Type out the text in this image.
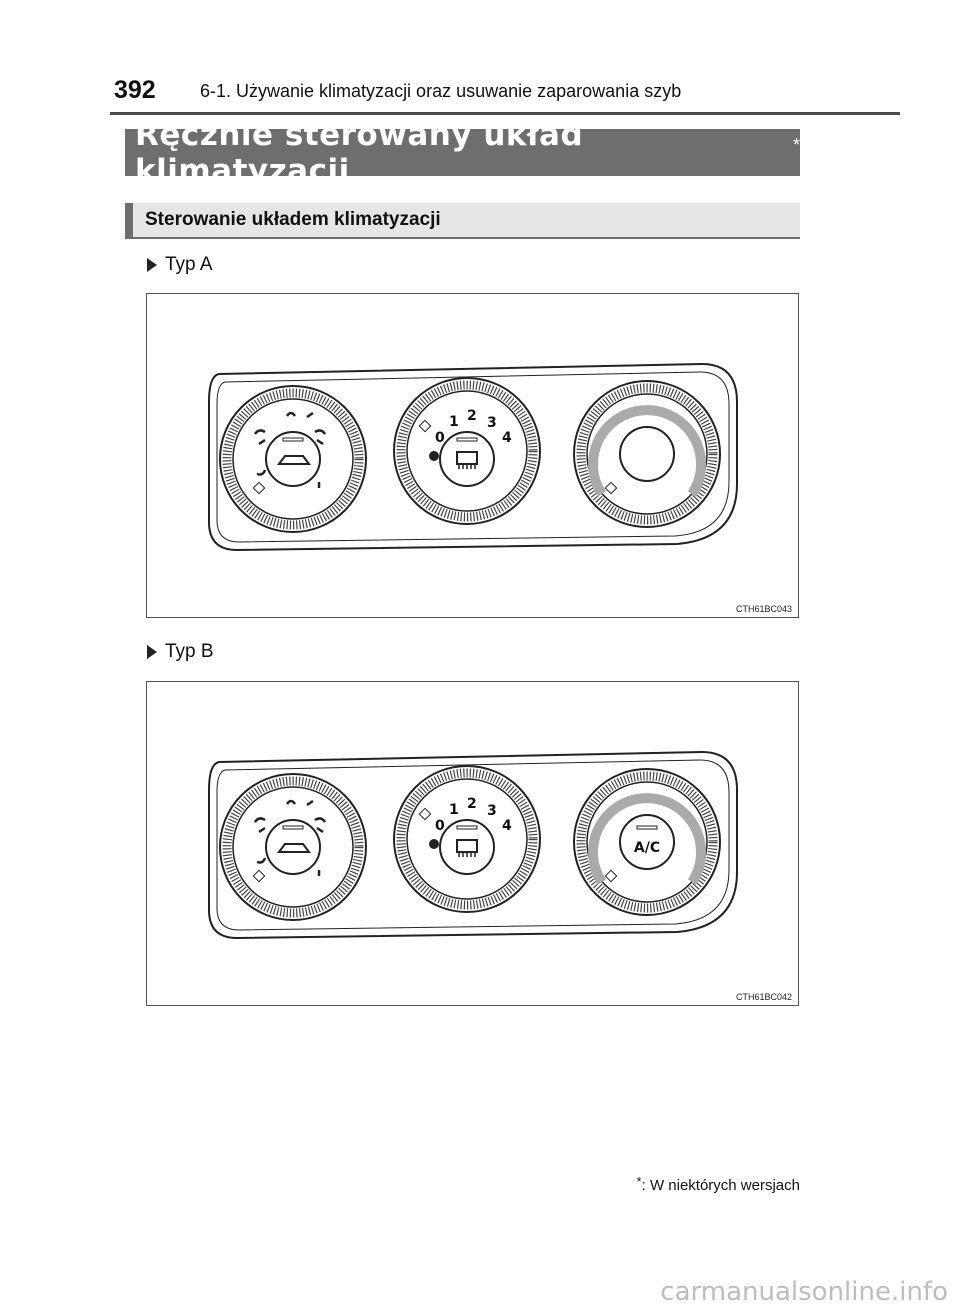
392 6-1. Używanie klimatyzacji oraz usuwanie zaparowania szyb
Ręcznie sterowany układ klimatyzacji
*
Sterowanie układem klimatyzacji
Typ A
0
1 2 3
4
CTH61BC043
Typ B
0
1 2 3
4
A/C
CTH61BC042
*: W niektórych wersjach
carmanualsonline.info
